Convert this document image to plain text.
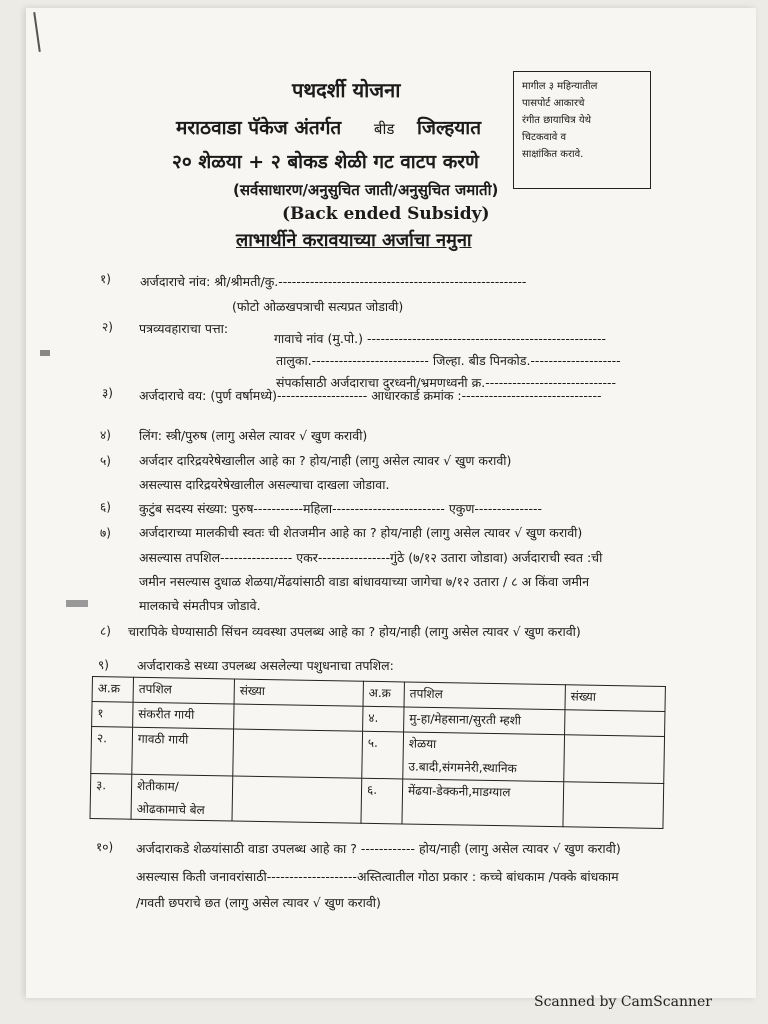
पथदर्शी योजना
मराठवाडा पॅकेज अंतर्गत बीड जिल्हयात
२० शेळया + २ बोकड शेळी गट वाटप करणे
(सर्वसाधारण/अनुसुचित जाती/अनुसुचित जमाती)
(Back ended Subsidy)
लाभार्थीने करावयाच्या अर्जाचा नमुना
मागील ३ महिन्यातील
पासपोर्ट आकारचे
रंगीत छायाचित्र येथे
चिटकवावे व
साक्षांकित करावे.
१) अर्जदाराचे नांव: श्री/श्रीमती/कु.-------------------------------------------------------
(फोटो ओळखपत्राची सत्यप्रत जोडावी)
२) पत्रव्यवहाराचा पत्ता:
गावाचे नांव (मु.पो.) -----------------------------------------------------
तालुका.-------------------------- जिल्हा. बीड पिनकोड.--------------------
संपर्कासाठी अर्जदाराचा दुरध्वनी/भ्रमणध्वनी क्र.-----------------------------
३) अर्जदाराचे वय: (पुर्ण वर्षामध्ये)-------------------- आधारकार्ड क्रमांक :-------------------------------
४) लिंग: स्त्री/पुरुष (लागु असेल त्यावर √ खुण करावी)
५) अर्जदार दारिद्रयरेषेखालील आहे का ? होय/नाही (लागु असेल त्यावर √ खुण करावी)
असल्यास दारिद्रयरेषेखालील असल्याचा दाखला जोडावा.
६) कुटुंब सदस्य संख्या: पुरुष-----------महिला------------------------- एकुण---------------
७) अर्जदाराच्या मालकीची स्वतः ची शेतजमीन आहे का ? होय/नाही (लागु असेल त्यावर √ खुण करावी)
असल्यास तपशिल---------------- एकर----------------गुंठे (७/१२ उतारा जोडावा) अर्जदाराची स्वत :ची
जमीन नसल्यास दुधाळ शेळया/मेंढयांसाठी वाडा बांधावयाच्या जागेचा ७/१२ उतारा / ८ अ किंवा जमीन
मालकाचे संमतीपत्र जोडावे.
८) चारापिके घेण्यासाठी सिंचन व्यवस्था उपलब्ध आहे का ? होय/नाही (लागु असेल त्यावर √ खुण करावी)
९) अर्जदाराकडे सध्या उपलब्ध असलेल्या पशुधनाचा तपशिल:
अ.क्र	तपशिल	संख्या	अ.क्र	तपशिल	संख्या
१	संकरीत गायी		४.	मु-हा/मेहसाना/सुरती म्हशी	
२.	गावठी गायी		५.	शेळया
उ.बादी,संगमनेरी,स्थानिक	

३.	शेतीकाम/
ओढकामाचे बेल		६.	मेंढया-डेक्कनी,माडग्याल	
१०) अर्जदाराकडे शेळयांसाठी वाडा उपलब्ध आहे का ? ------------ होय/नाही (लागु असेल त्यावर √ खुण करावी)
असल्यास किती जनावरांसाठी--------------------अस्तित्वातील गोठा प्रकार : कच्चे बांधकाम /पक्के बांधकाम
/गवती छपराचे छत (लागु असेल त्यावर √ खुण करावी)
Scanned by CamScanner
